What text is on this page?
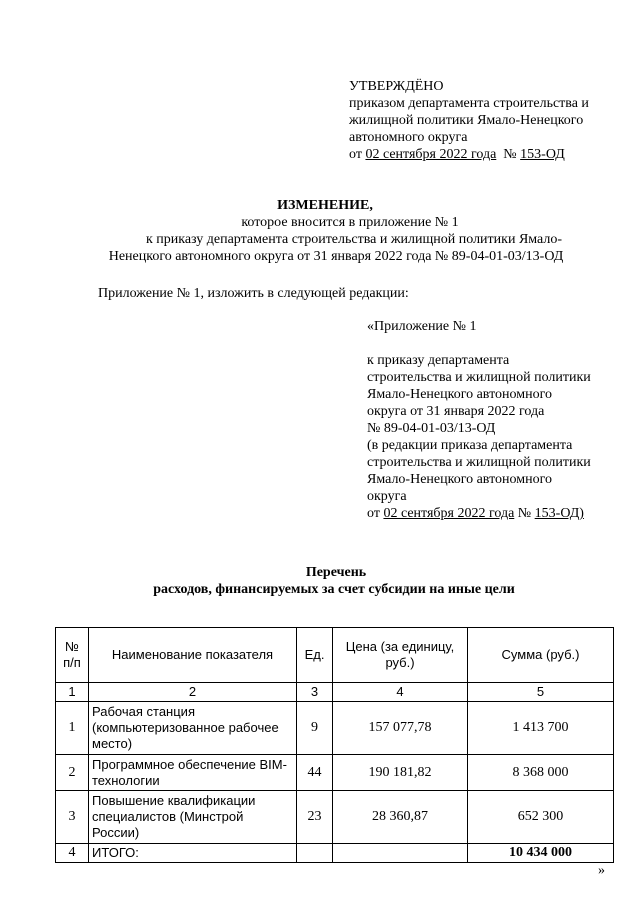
УТВЕРЖДЁНО
приказом департамента строительства и
жилищной политики Ямало-Ненецкого
автономного округа
от 02 сентября 2022 года № 153-ОД
ИЗМЕНЕНИЕ,
которое вносится в приложение № 1
к приказу департамента строительства и жилищной политики Ямало-
Ненецкого автономного округа от 31 января 2022 года № 89-04-01-03/13-ОД
Приложение № 1, изложить в следующей редакции:
«Приложение № 1
к приказу департамента
строительства и жилищной политики
Ямало-Ненецкого автономного
округа от 31 января 2022 года
№ 89-04-01-03/13-ОД
(в редакции приказа департамента
строительства и жилищной политики
Ямало-Ненецкого автономного
округа
от 02 сентября 2022 года № 153-ОД)
Перечень
расходов, финансируемых за счет субсидии на иные цели
№ п/п	Наименование показателя	Ед.	Цена (за единицу, руб.)	Сумма (руб.)
1	2	3	4	5
1	Рабочая станция (компьютеризованное рабочее место)	9	157 077,78	1 413 700
2	Программное обеспечение BIM-технологии	44	190 181,82	8 368 000
3	Повышение квалификации специалистов (Минстрой России)	23	28 360,87	652 300
4	ИТОГО:			10 434 000
»
